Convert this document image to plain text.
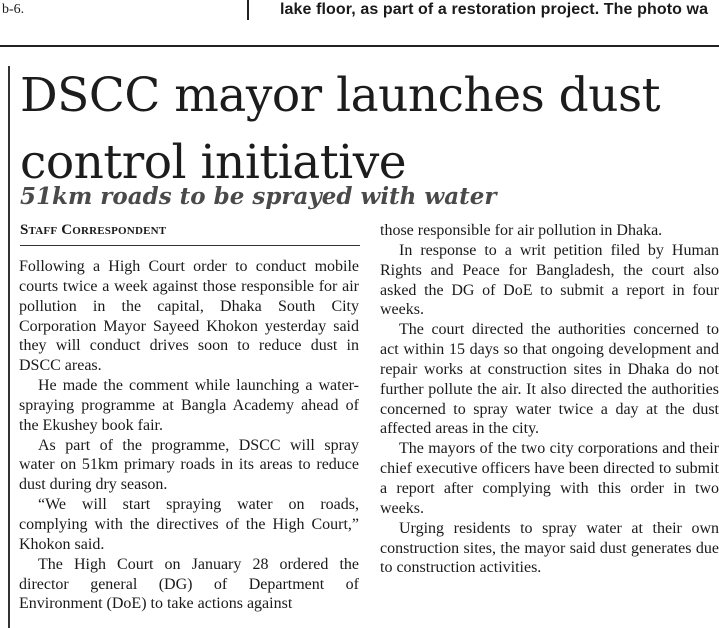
b-6.	lake floor, as part of a restoration project. The photo wa
DSCC mayor launches dust
control initiative
51km roads to be sprayed with water
Staff Correspondent

Following a High Court order to conduct mobile courts twice a week against those responsible for air pollution in the capital, Dhaka South City Corporation Mayor Sayeed Khokon yesterday said they will conduct drives soon to reduce dust in DSCC areas.

He made the comment while launching a water-spraying programme at Bangla Academy ahead of the Ekushey book fair.

As part of the programme, DSCC will spray water on 51km primary roads in its areas to reduce dust during dry season.

“We will start spraying water on roads, complying with the directives of the High Court,” Khokon said.

The High Court on January 28 ordered the director general (DG) of Department of Environment (DoE) to take actions against

those responsible for air pollution in Dhaka.

In response to a writ petition filed by Human Rights and Peace for Bangladesh, the court also asked the DG of DoE to submit a report in four weeks.

The court directed the authorities concerned to act within 15 days so that ongoing development and repair works at construction sites in Dhaka do not further pollute the air. It also directed the authorities concerned to spray water twice a day at the dust affected areas in the city.

The mayors of the two city corporations and their chief executive officers have been directed to submit a report after complying with this order in two weeks.

Urging residents to spray water at their own construction sites, the mayor said dust generates due to construction activities.
